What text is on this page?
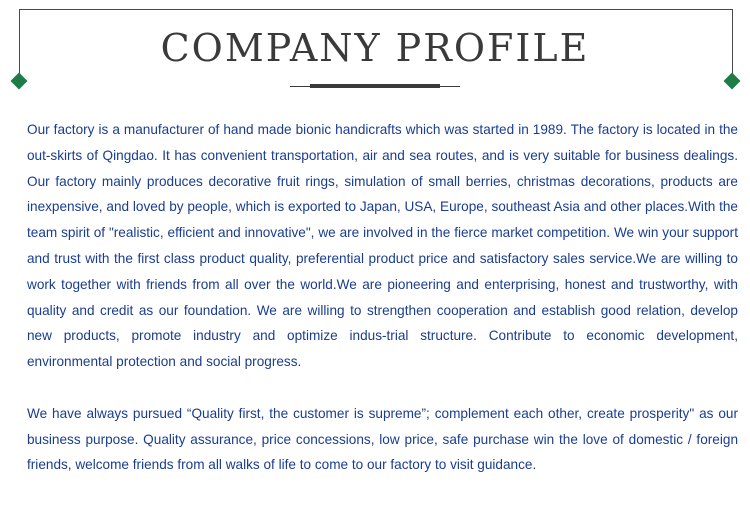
COMPANY PROFILE

Our factory is a manufacturer of hand made bionic handicrafts which was started in 1989. The factory is located in the out-skirts of Qingdao. It has convenient transportation, air and sea routes, and is very suitable for business dealings. Our factory mainly produces decorative fruit rings, simulation of small berries, christmas decorations, products are inexpensive, and loved by people, which is exported to Japan, USA, Europe, southeast Asia and other places.With the team spirit of "realistic, efficient and innovative", we are involved in the fierce market competition. We win your support and trust with the first class product quality, preferential product price and satisfactory sales service.We are willing to work together with friends from all over the world.We are pioneering and enterprising, honest and trustworthy, with quality and credit as our foundation. We are willing to strengthen cooperation and establish good relation, develop new products, promote industry and optimize indus-trial structure. Contribute to economic development, environmental protection and social progress.

We have always pursued “Quality first, the customer is supreme”; complement each other, create prosperity" as our business purpose. Quality assurance, price concessions, low price, safe purchase win the love of domestic / foreign friends, welcome friends from all walks of life to come to our factory to visit guidance.
